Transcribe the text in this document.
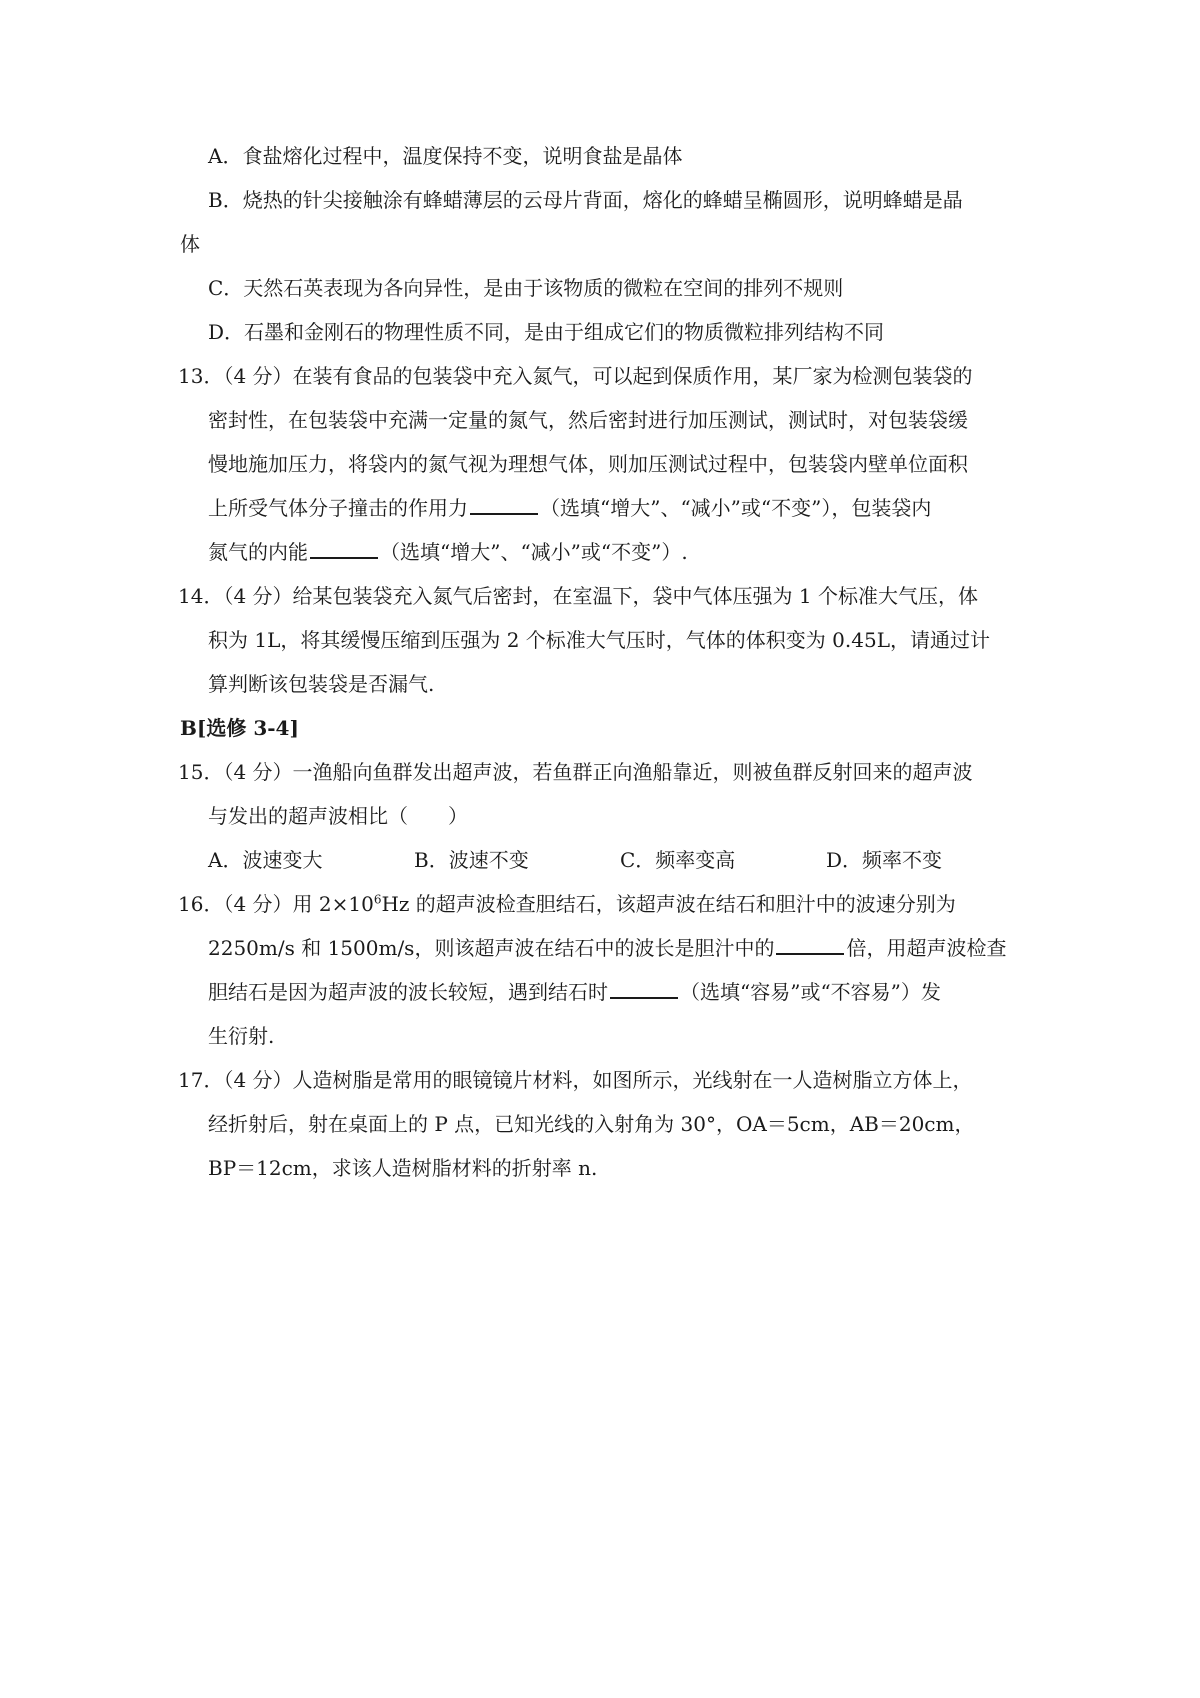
A．食盐熔化过程中，温度保持不变，说明食盐是晶体
B．烧热的针尖接触涂有蜂蜡薄层的云母片背面，熔化的蜂蜡呈椭圆形，说明蜂蜡是晶
体
C．天然石英表现为各向异性，是由于该物质的微粒在空间的排列不规则
D．石墨和金刚石的物理性质不同，是由于组成它们的物质微粒排列结构不同
13．（4 分）在装有食品的包装袋中充入氮气，可以起到保质作用，某厂家为检测包装袋的
密封性，在包装袋中充满一定量的氮气，然后密封进行加压测试，测试时，对包装袋缓
慢地施加压力，将袋内的氮气视为理想气体，则加压测试过程中，包装袋内壁单位面积
上所受气体分子撞击的作用力	（选填“增大”、“减小”或“不变”），包装袋内
氮气的内能	（选填“增大”、“减小”或“不变”）.
14．（4 分）给某包装袋充入氮气后密封，在室温下，袋中气体压强为 1 个标准大气压，体
积为 1L，将其缓慢压缩到压强为 2 个标准大气压时，气体的体积变为 0.45L，请通过计
算判断该包装袋是否漏气.
B[选修 3-4]
15．（4 分）一渔船向鱼群发出超声波，若鱼群正向渔船靠近，则被鱼群反射回来的超声波
与发出的超声波相比（　　）
A．波速变大	B．波速不变	C．频率变高	D．频率不变
16．（4 分）用 $2\times 10^6Hz$ 的超声波检查胆结石，该超声波在结石和胆汁中的波速分别为
2250m/s 和 1500m/s，则该超声波在结石中的波长是胆汁中的	倍，用超声波检查
胆结石是因为超声波的波长较短，遇到结石时	（选填“容易”或“不容易”）发
生衍射.
17．（4 分）人造树脂是常用的眼镜镜片材料，如图所示，光线射在一人造树脂立方体上，
经折射后，射在桌面上的 P 点，已知光线的入射角为 30°，OA＝5cm，AB＝20cm，
BP＝12cm，求该人造树脂材料的折射率 n.
